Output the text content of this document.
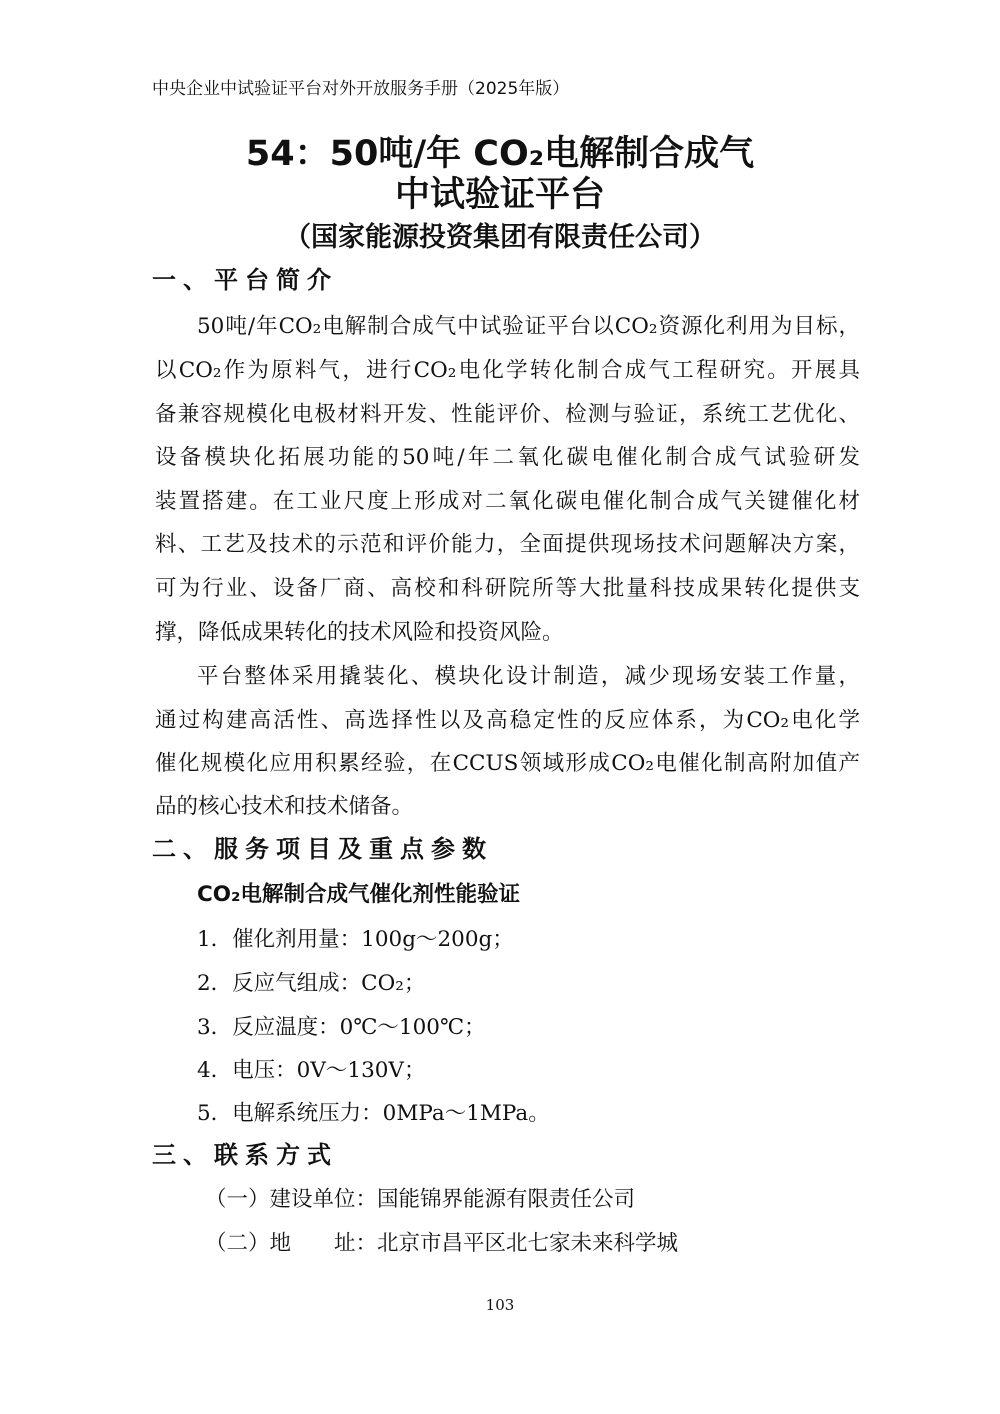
中央企业中试验证平台对外开放服务手册（2025年版）
54：50吨/年 CO₂电解制合成气
中试验证平台
（国家能源投资集团有限责任公司）
一、平台简介
50吨/年CO₂电解制合成气中试验证平台以CO₂资源化利用为目标，
以CO₂作为原料气，进行CO₂电化学转化制合成气工程研究。开展具
备兼容规模化电极材料开发、性能评价、检测与验证，系统工艺优化、
设备模块化拓展功能的50吨/年二氧化碳电催化制合成气试验研发
装置搭建。在工业尺度上形成对二氧化碳电催化制合成气关键催化材
料、工艺及技术的示范和评价能力，全面提供现场技术问题解决方案，
可为行业、设备厂商、高校和科研院所等大批量科技成果转化提供支
撑，降低成果转化的技术风险和投资风险。
平台整体采用撬装化、模块化设计制造，减少现场安装工作量，
通过构建高活性、高选择性以及高稳定性的反应体系，为CO₂电化学
催化规模化应用积累经验，在CCUS领域形成CO₂电催化制高附加值产
品的核心技术和技术储备。
二、服务项目及重点参数
CO₂电解制合成气催化剂性能验证
1．催化剂用量：100g～200g；
2．反应气组成：CO₂；
3．反应温度：0℃～100℃；
4．电压：0V～130V；
5．电解系统压力：0MPa～1MPa。
三、联系方式
（一）建设单位：国能锦界能源有限责任公司
（二）地　　址：北京市昌平区北七家未来科学城
103
